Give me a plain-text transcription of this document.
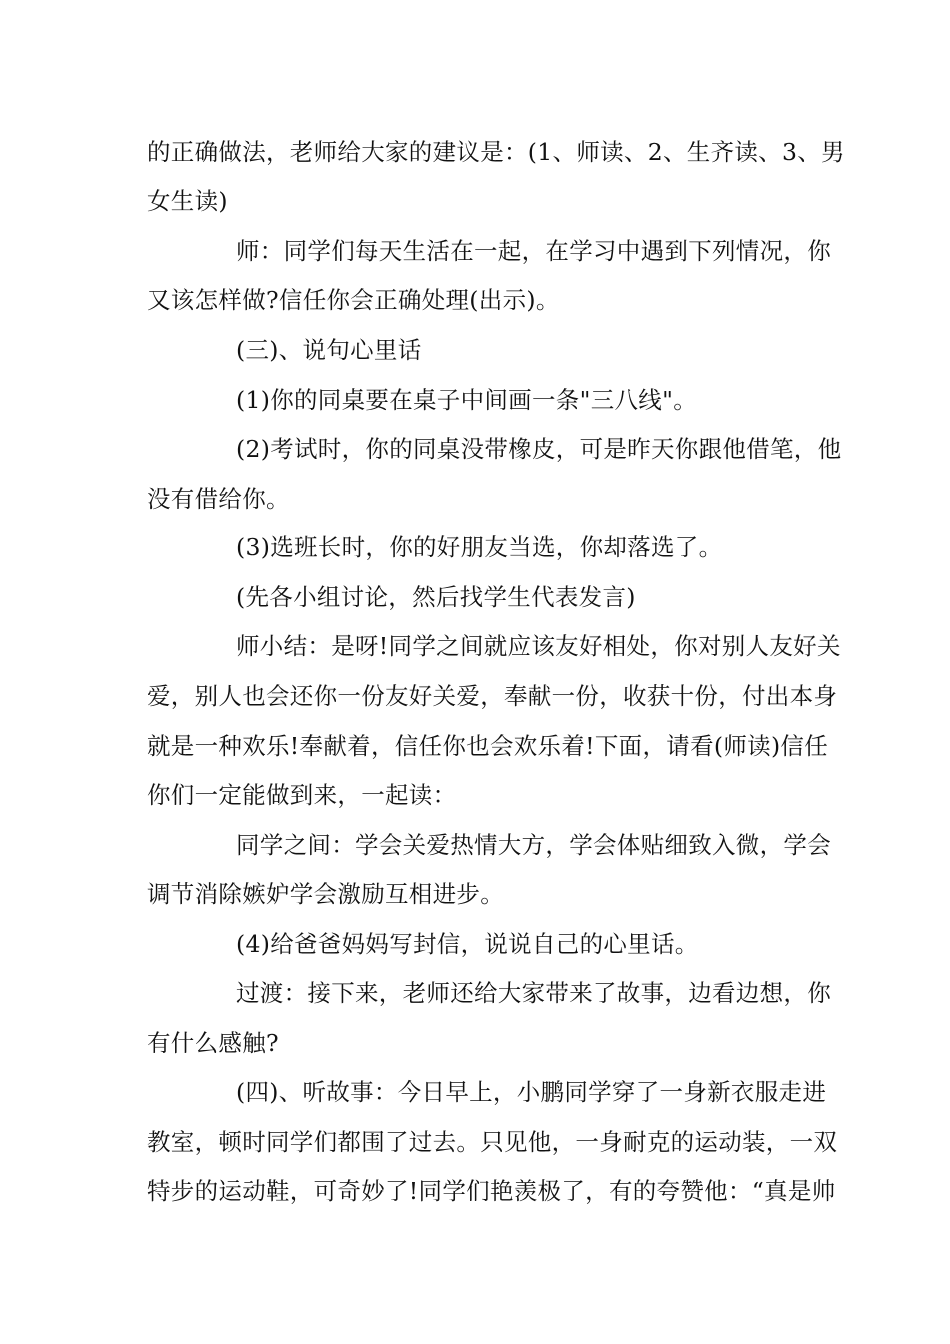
的正确做法，老师给大家的建议是：(1、师读、2、生齐读、3、男
女生读)
师：同学们每天生活在一起，在学习中遇到下列情况，你
又该怎样做?信任你会正确处理(出示)。
(三)、说句心里话
(1)你的同桌要在桌子中间画一条"三八线"。
(2)考试时，你的同桌没带橡皮，可是昨天你跟他借笔，他
没有借给你。
(3)选班长时，你的好朋友当选，你却落选了。
(先各小组讨论，然后找学生代表发言)
师小结：是呀!同学之间就应该友好相处，你对别人友好关
爱，别人也会还你一份友好关爱，奉献一份，收获十份，付出本身
就是一种欢乐!奉献着，信任你也会欢乐着!下面，请看(师读)信任
你们一定能做到来，一起读：
同学之间：学会关爱热情大方，学会体贴细致入微，学会
调节消除嫉妒学会激励互相进步。
(4)给爸爸妈妈写封信，说说自己的心里话。
过渡：接下来，老师还给大家带来了故事，边看边想，你
有什么感触?
(四)、听故事：今日早上，小鹏同学穿了一身新衣服走进
教室，顿时同学们都围了过去。只见他，一身耐克的运动装，一双
特步的运动鞋，可奇妙了!同学们艳羡极了，有的夸赞他：“真是帅
